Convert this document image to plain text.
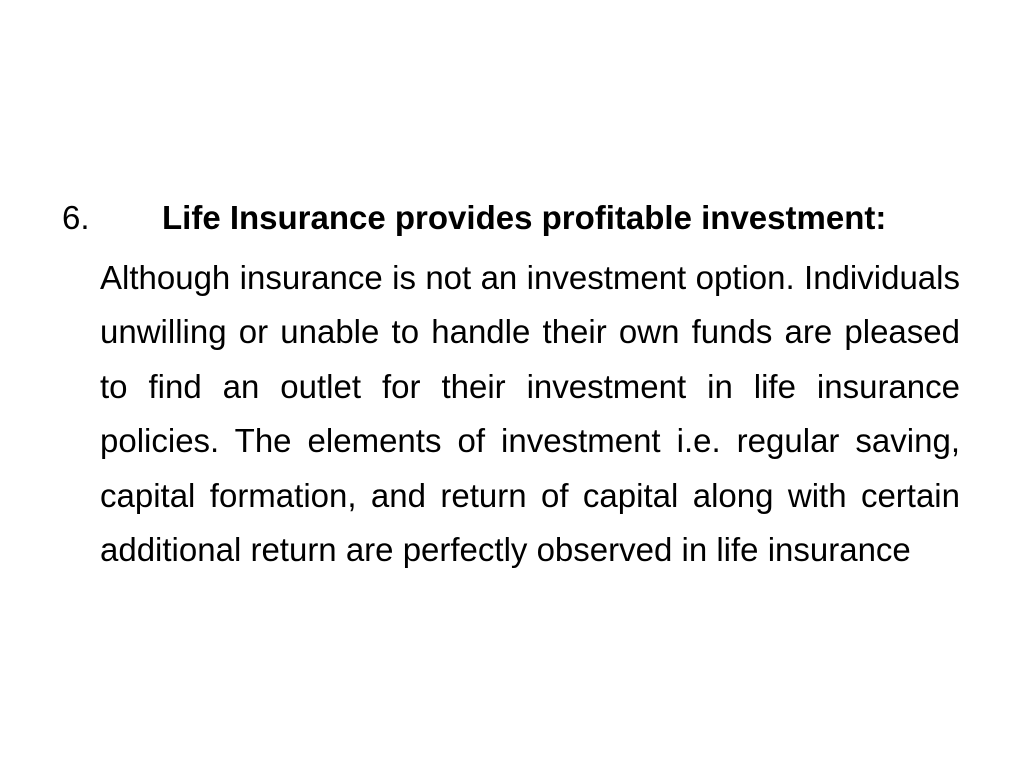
6. Life Insurance provides profitable investment:

Although insurance is not an investment option. Individuals unwilling or unable to handle their own funds are pleased to find an outlet for their investment in life insurance policies. The elements of investment i.e. regular saving, capital formation, and return of capital along with certain additional return are perfectly observed in life insurance
